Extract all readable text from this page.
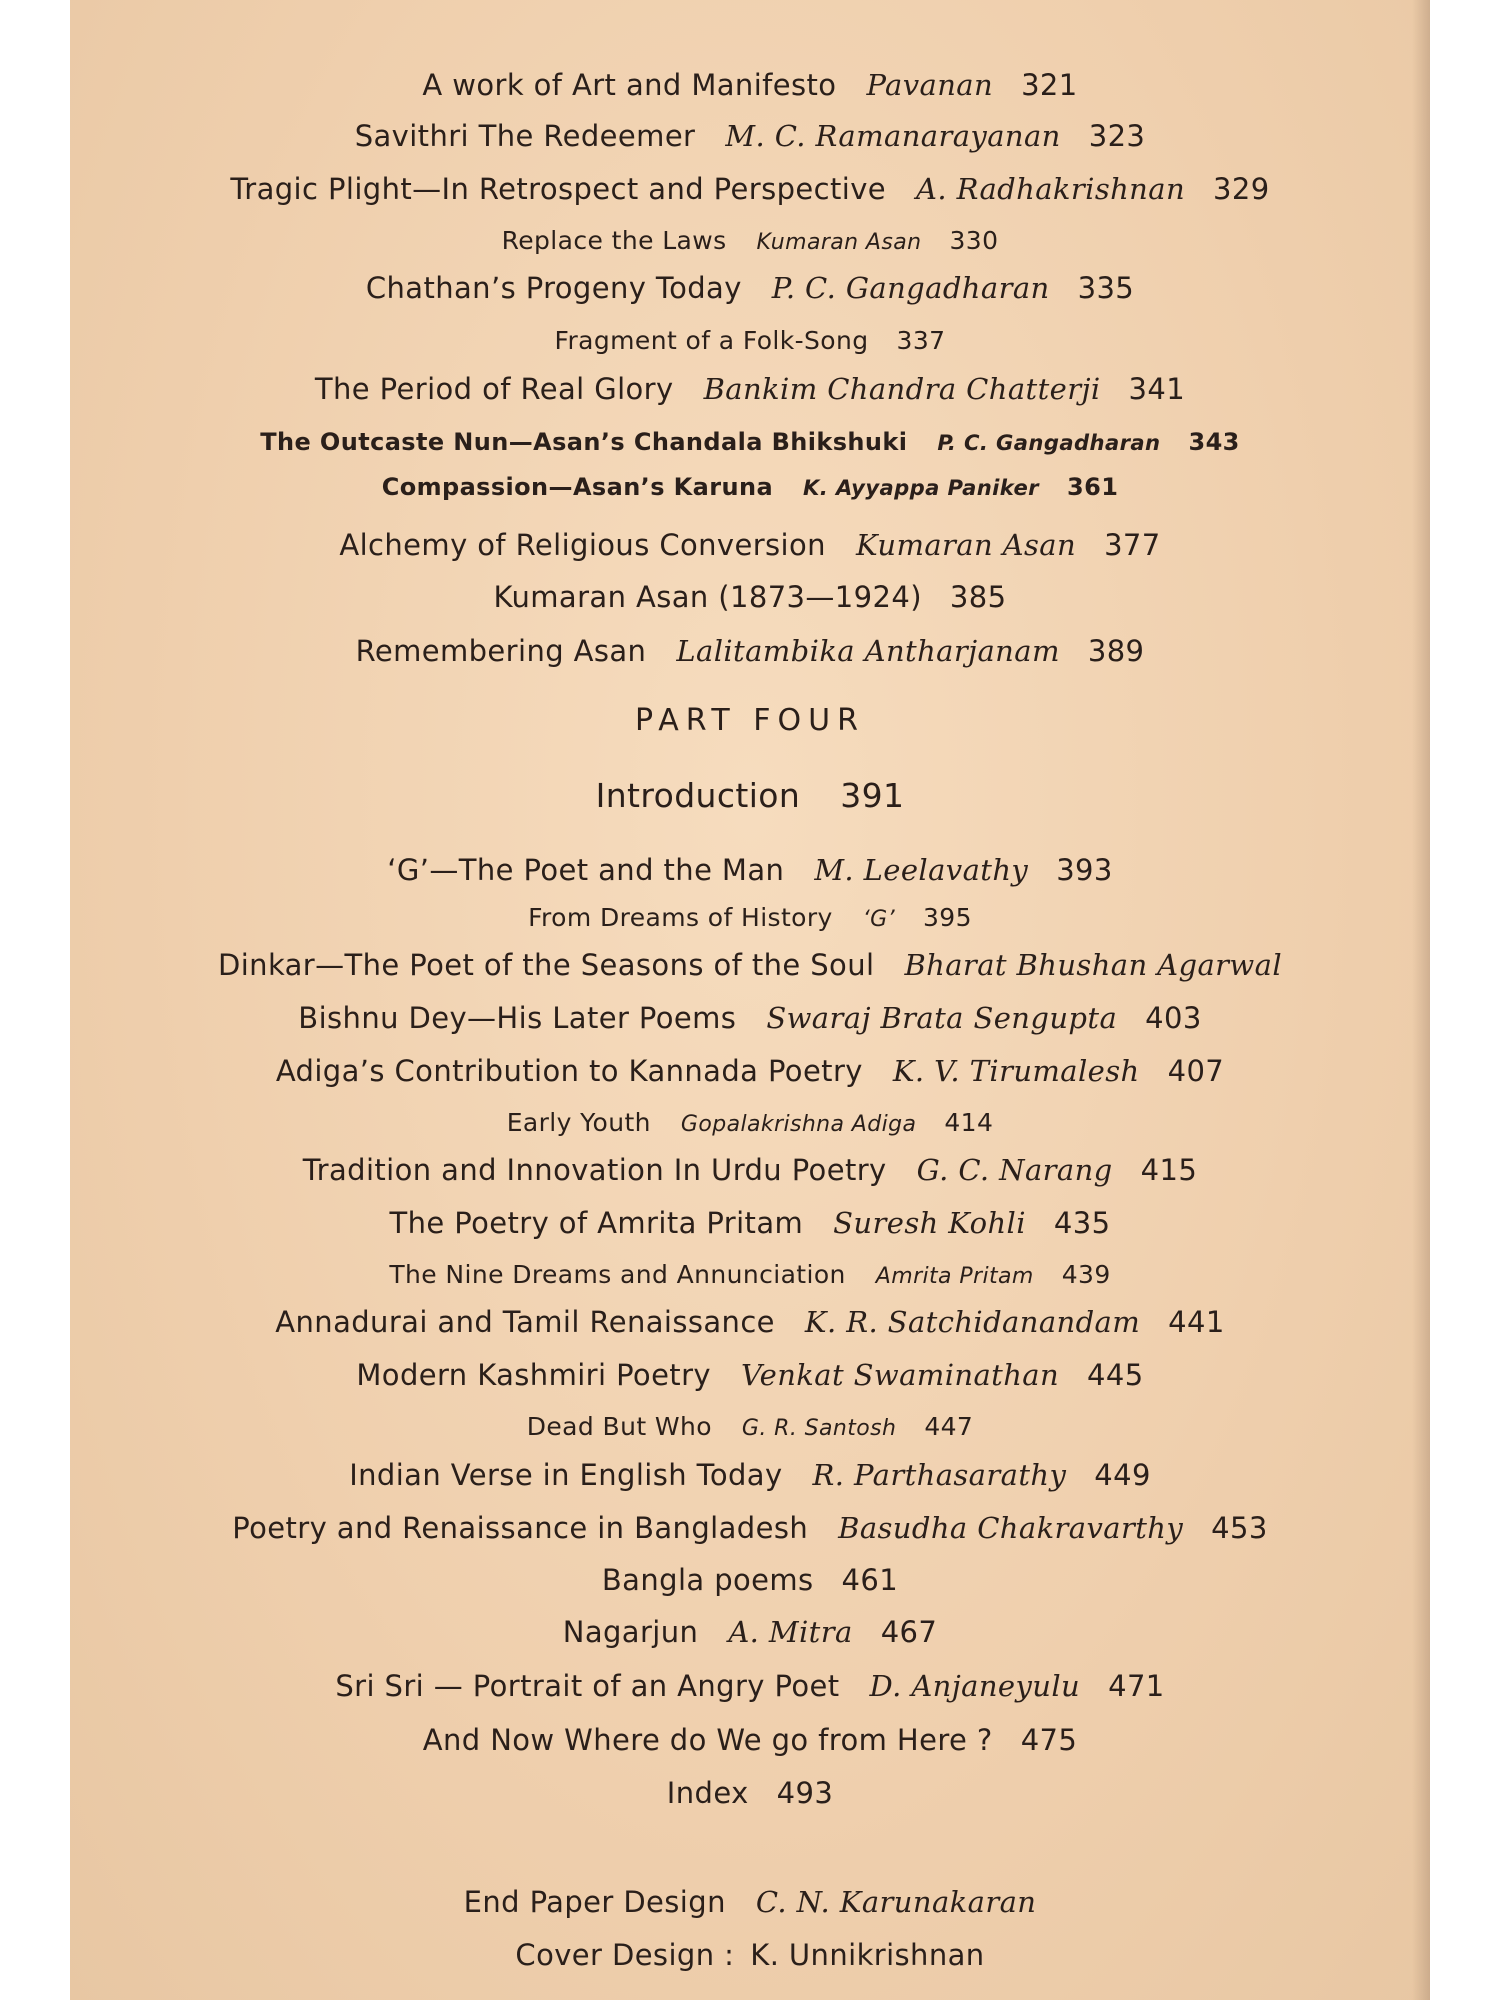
A work of Art and Manifesto Pavanan 321
Savithri The Redeemer M. C. Ramanarayanan 323
Tragic Plight—In Retrospect and Perspective A. Radhakrishnan 329
Replace the Laws Kumaran Asan 330
Chathan’s Progeny Today P. C. Gangadharan 335
Fragment of a Folk-Song 337
The Period of Real Glory Bankim Chandra Chatterji 341
The Outcaste Nun—Asan’s Chandala Bhikshuki P. C. Gangadharan 343
Compassion—Asan’s Karuna K. Ayyappa Paniker 361
Alchemy of Religious Conversion Kumaran Asan 377
Kumaran Asan (1873—1924) 385
Remembering Asan Lalitambika Antharjanam 389
PART FOUR
Introduction 391
‘G’—The Poet and the Man M. Leelavathy 393
From Dreams of History ‘G’ 395
Dinkar—The Poet of the Seasons of the Soul Bharat Bhushan Agarwal
Bishnu Dey—His Later Poems Swaraj Brata Sengupta 403
Adiga’s Contribution to Kannada Poetry K. V. Tirumalesh 407
Early Youth Gopalakrishna Adiga 414
Tradition and Innovation In Urdu Poetry G. C. Narang 415
The Poetry of Amrita Pritam Suresh Kohli 435
The Nine Dreams and Annunciation Amrita Pritam 439
Annadurai and Tamil Renaissance K. R. Satchidanandam 441
Modern Kashmiri Poetry Venkat Swaminathan 445
Dead But Who G. R. Santosh 447
Indian Verse in English Today R. Parthasarathy 449
Poetry and Renaissance in Bangladesh Basudha Chakravarthy 453
Bangla poems 461
Nagarjun A. Mitra 467
Sri Sri — Portrait of an Angry Poet D. Anjaneyulu 471
And Now Where do We go from Here ? 475
Index 493
End Paper Design C. N. Karunakaran
Cover Design : K. Unnikrishnan
